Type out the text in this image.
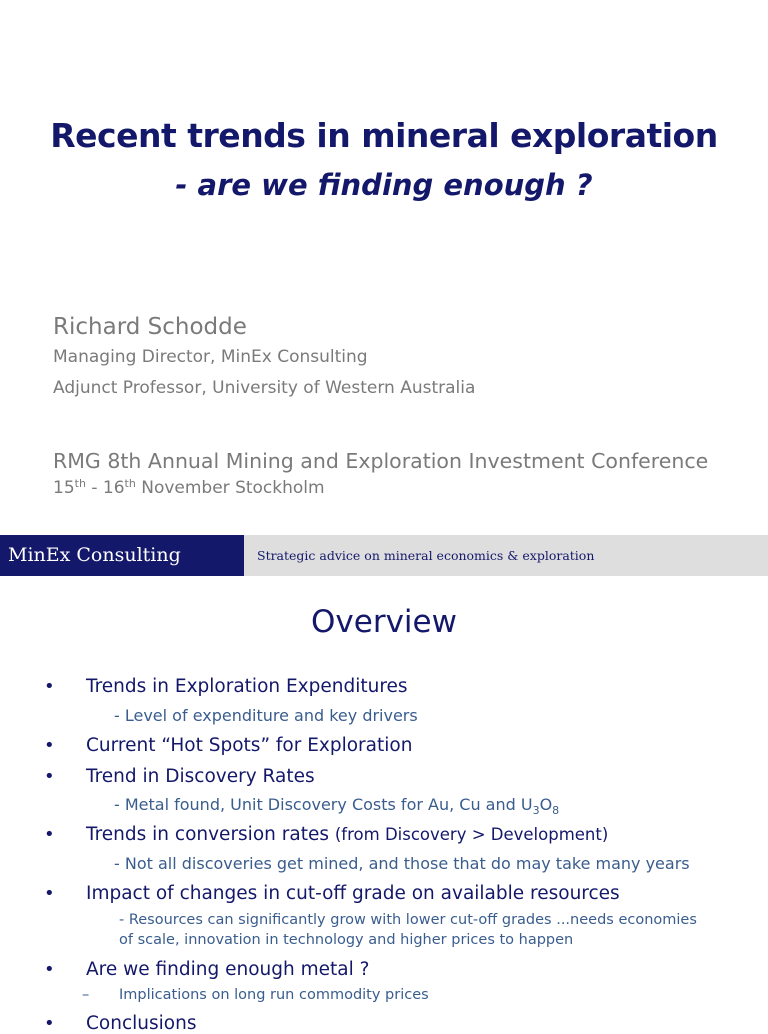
Recent trends in mineral exploration
- are we finding enough ?
Richard Schodde
Managing Director, MinEx Consulting
Adjunct Professor, University of Western Australia
RMG 8th Annual Mining and Exploration Investment Conference
15th - 16th November Stockholm
MinEx Consulting	Strategic advice on mineral economics & exploration
Overview
• Trends in Exploration Expenditures
- Level of expenditure and key drivers
• Current “Hot Spots” for Exploration
• Trend in Discovery Rates
- Metal found, Unit Discovery Costs for Au, Cu and $U_3O_8$
• Trends in conversion rates (from Discovery > Development)
- Not all discoveries get mined, and those that do may take many years
• Impact of changes in cut-off grade on available resources
- Resources can significantly grow with lower cut-off grades ...needs economies
of scale, innovation in technology and higher prices to happen
• Are we finding enough metal ?
– Implications on long run commodity prices
• Conclusions
